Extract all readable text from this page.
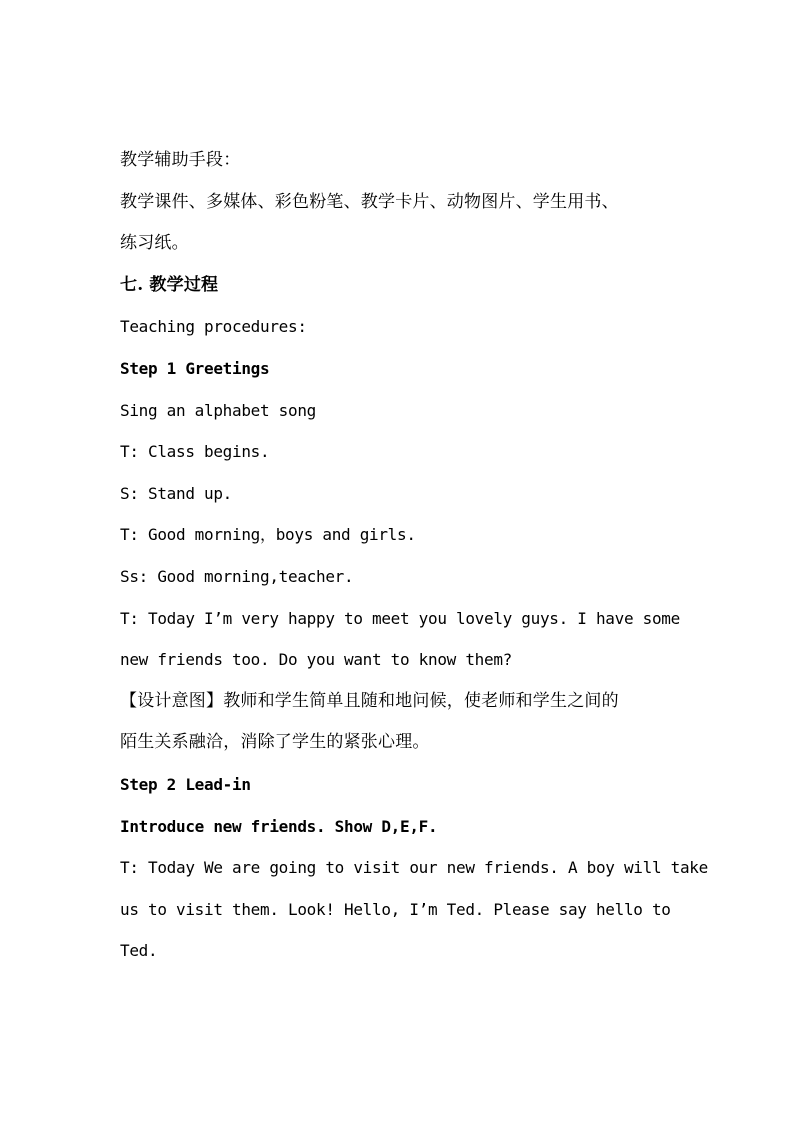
教学辅助手段：
教学课件、多媒体、彩色粉笔、教学卡片、动物图片、学生用书、
练习纸。
七. 教学过程
Teaching procedures:
Step 1 Greetings
Sing an alphabet song
T: Class begins.
S: Stand up.
T: Good morning，boys and girls.
Ss: Good morning,teacher.
T: Today I’m very happy to meet you lovely guys. I have some
new friends too. Do you want to know them?
【设计意图】教师和学生简单且随和地问候，使老师和学生之间的
陌生关系融洽，消除了学生的紧张心理。
Step 2 Lead-in
Introduce new friends. Show D,E,F.
T: Today We are going to visit our new friends. A boy will take
us to visit them. Look! Hello, I’m Ted. Please say hello to
Ted.
